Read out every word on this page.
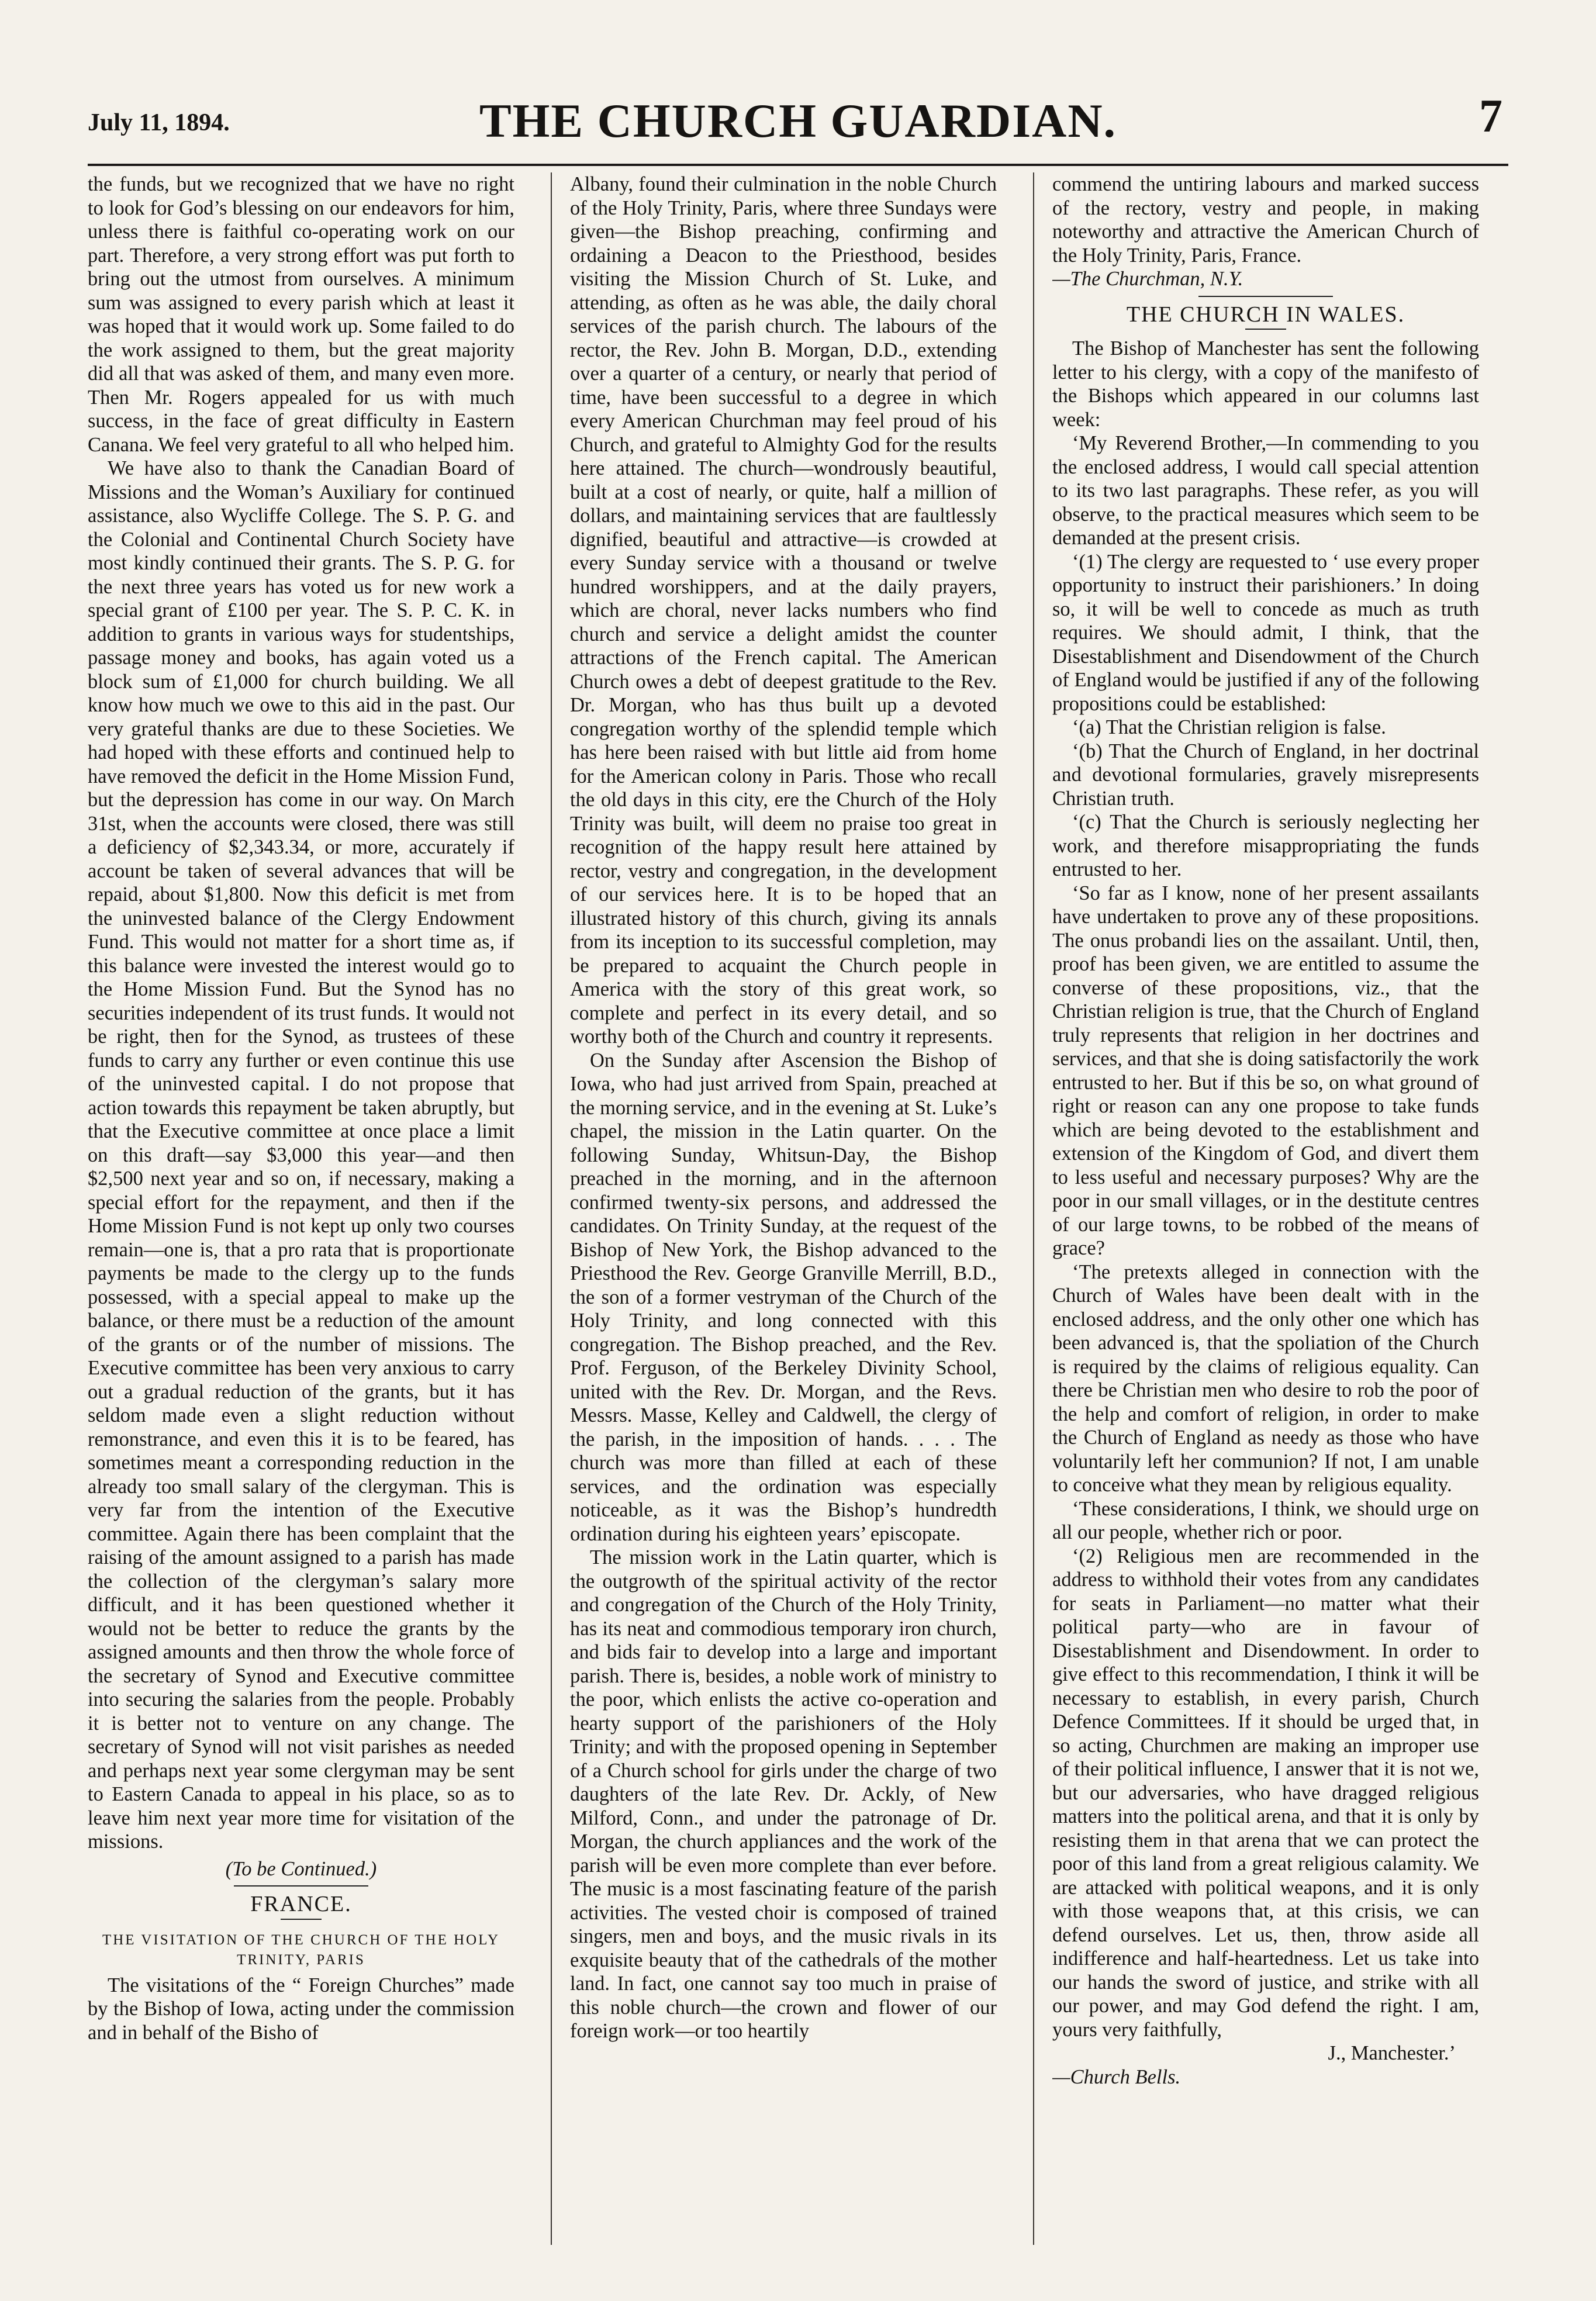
July 11, 1894.	THE CHURCH GUARDIAN.	7

the funds, but we recognized that we have no right to look for God’s blessing on our endeavors for him, unless there is faithful co-operating work on our part. Therefore, a very strong effort was put forth to bring out the utmost from ourselves. A minimum sum was assigned to every parish which at least it was hoped that it would work up. Some failed to do the work assigned to them, but the great majority did all that was asked of them, and many even more. Then Mr. Rogers appealed for us with much success, in the face of great difficulty in Eastern Canana. We feel very grateful to all who helped him.

We have also to thank the Canadian Board of Missions and the Woman’s Auxiliary for continued assistance, also Wycliffe College. The S. P. G. and the Colonial and Continental Church Society have most kindly continued their grants. The S. P. G. for the next three years has voted us for new work a special grant of £100 per year. The S. P. C. K. in addition to grants in various ways for studentships, passage money and books, has again voted us a block sum of £1,000 for church building. We all know how much we owe to this aid in the past. Our very grateful thanks are due to these Societies. We had hoped with these efforts and continued help to have removed the deficit in the Home Mission Fund, but the depression has come in our way. On March 31st, when the accounts were closed, there was still a deficiency of $2,343.34, or more, accurately if account be taken of several advances that will be repaid, about $1,800. Now this deficit is met from the uninvested balance of the Clergy Endowment Fund. This would not matter for a short time as, if this balance were invested the interest would go to the Home Mission Fund. But the Synod has no securities independent of its trust funds. It would not be right, then for the Synod, as trustees of these funds to carry any further or even continue this use of the uninvested capital. I do not propose that action towards this repayment be taken abruptly, but that the Executive committee at once place a limit on this draft—say $3,000 this year—and then $2,500 next year and so on, if necessary, making a special effort for the repayment, and then if the Home Mission Fund is not kept up only two courses remain—one is, that a pro rata that is proportionate payments be made to the clergy up to the funds possessed, with a special appeal to make up the balance, or there must be a reduction of the amount of the grants or of the number of missions. The Executive committee has been very anxious to carry out a gradual reduction of the grants, but it has seldom made even a slight reduction without remonstrance, and even this it is to be feared, has sometimes meant a corresponding reduction in the already too small salary of the clergyman. This is very far from the intention of the Executive committee. Again there has been complaint that the raising of the amount assigned to a parish has made the collection of the clergyman’s salary more difficult, and it has been questioned whether it would not be better to reduce the grants by the assigned amounts and then throw the whole force of the secretary of Synod and Executive committee into securing the salaries from the people. Probably it is better not to venture on any change. The secretary of Synod will not visit parishes as needed and perhaps next year some clergyman may be sent to Eastern Canada to appeal in his place, so as to leave him next year more time for visitation of the missions.

(To be Continued.)

FRANCE.
THE VISITATION OF THE CHURCH OF THE HOLY TRINITY, PARIS

The visitations of the “ Foreign Churches” made by the Bishop of Iowa, acting under the commission and in behalf of the Bisho of

Albany, found their culmination in the noble Church of the Holy Trinity, Paris, where three Sundays were given—the Bishop preaching, confirming and ordaining a Deacon to the Priesthood, besides visiting the Mission Church of St. Luke, and attending, as often as he was able, the daily choral services of the parish church. The labours of the rector, the Rev. John B. Morgan, D.D., extending over a quarter of a century, or nearly that period of time, have been successful to a degree in which every American Churchman may feel proud of his Church, and grateful to Almighty God for the results here attained. The church—wondrously beautiful, built at a cost of nearly, or quite, half a million of dollars, and maintaining services that are faultlessly dignified, beautiful and attractive—is crowded at every Sunday service with a thousand or twelve hundred worshippers, and at the daily prayers, which are choral, never lacks numbers who find church and service a delight amidst the counter attractions of the French capital. The American Church owes a debt of deepest gratitude to the Rev. Dr. Morgan, who has thus built up a devoted congregation worthy of the splendid temple which has here been raised with but little aid from home for the American colony in Paris. Those who recall the old days in this city, ere the Church of the Holy Trinity was built, will deem no praise too great in recognition of the happy result here attained by rector, vestry and congregation, in the development of our services here. It is to be hoped that an illustrated history of this church, giving its annals from its inception to its successful completion, may be prepared to acquaint the Church people in America with the story of this great work, so complete and perfect in its every detail, and so worthy both of the Church and country it represents.

On the Sunday after Ascension the Bishop of Iowa, who had just arrived from Spain, preached at the morning service, and in the evening at St. Luke’s chapel, the mission in the Latin quarter. On the following Sunday, Whitsun-Day, the Bishop preached in the morning, and in the afternoon confirmed twenty-six persons, and addressed the candidates. On Trinity Sunday, at the request of the Bishop of New York, the Bishop advanced to the Priesthood the Rev. George Granville Merrill, B.D., the son of a former vestryman of the Church of the Holy Trinity, and long connected with this congregation. The Bishop preached, and the Rev. Prof. Ferguson, of the Berkeley Divinity School, united with the Rev. Dr. Morgan, and the Revs. Messrs. Masse, Kelley and Caldwell, the clergy of the parish, in the imposition of hands. . . . The church was more than filled at each of these services, and the ordination was especially noticeable, as it was the Bishop’s hundredth ordination during his eighteen years’ episcopate.

The mission work in the Latin quarter, which is the outgrowth of the spiritual activity of the rector and congregation of the Church of the Holy Trinity, has its neat and commodious temporary iron church, and bids fair to develop into a large and important parish. There is, besides, a noble work of ministry to the poor, which enlists the active co-operation and hearty support of the parishioners of the Holy Trinity; and with the proposed opening in September of a Church school for girls under the charge of two daughters of the late Rev. Dr. Ackly, of New Milford, Conn., and under the patronage of Dr. Morgan, the church appliances and the work of the parish will be even more complete than ever before. The music is a most fascinating feature of the parish activities. The vested choir is composed of trained singers, men and boys, and the music rivals in its exquisite beauty that of the cathedrals of the mother land. In fact, one cannot say too much in praise of this noble church—the crown and flower of our foreign work—or too heartily

commend the untiring labours and marked success of the rectory, vestry and people, in making noteworthy and attractive the American Church of the Holy Trinity, Paris, France.

—The Churchman, N.Y.

THE CHURCH IN WALES.

The Bishop of Manchester has sent the following letter to his clergy, with a copy of the manifesto of the Bishops which appeared in our columns last week:

‘My Reverend Brother,—In commending to you the enclosed address, I would call special attention to its two last paragraphs. These refer, as you will observe, to the practical measures which seem to be demanded at the present crisis.

‘(1) The clergy are requested to ‘ use every proper opportunity to instruct their parishioners.’ In doing so, it will be well to concede as much as truth requires. We should admit, I think, that the Disestablishment and Disendowment of the Church of England would be justified if any of the following propositions could be established:

‘(a) That the Christian religion is false.

‘(b) That the Church of England, in her doctrinal and devotional formularies, gravely misrepresents Christian truth.

‘(c) That the Church is seriously neglecting her work, and therefore misappropriating the funds entrusted to her.

‘So far as I know, none of her present assailants have undertaken to prove any of these propositions. The onus probandi lies on the assailant. Until, then, proof has been given, we are entitled to assume the converse of these propositions, viz., that the Christian religion is true, that the Church of England truly represents that religion in her doctrines and services, and that she is doing satisfactorily the work entrusted to her. But if this be so, on what ground of right or reason can any one propose to take funds which are being devoted to the establishment and extension of the Kingdom of God, and divert them to less useful and necessary purposes? Why are the poor in our small villages, or in the destitute centres of our large towns, to be robbed of the means of grace?

‘The pretexts alleged in connection with the Church of Wales have been dealt with in the enclosed address, and the only other one which has been advanced is, that the spoliation of the Church is required by the claims of religious equality. Can there be Christian men who desire to rob the poor of the help and comfort of religion, in order to make the Church of England as needy as those who have voluntarily left her communion? If not, I am unable to conceive what they mean by religious equality.

‘These considerations, I think, we should urge on all our people, whether rich or poor.

‘(2) Religious men are recommended in the address to withhold their votes from any candidates for seats in Parliament—no matter what their political party—who are in favour of Disestablishment and Disendowment. In order to give effect to this recommendation, I think it will be necessary to establish, in every parish, Church Defence Committees. If it should be urged that, in so acting, Churchmen are making an improper use of their political influence, I answer that it is not we, but our adversaries, who have dragged religious matters into the political arena, and that it is only by resisting them in that arena that we can protect the poor of this land from a great religious calamity. We are attacked with political weapons, and it is only with those weapons that, at this crisis, we can defend ourselves. Let us, then, throw aside all indifference and half-heartedness. Let us take into our hands the sword of justice, and strike with all our power, and may God defend the right. I am, yours very faithfully,

J., Manchester.’

—Church Bells.
